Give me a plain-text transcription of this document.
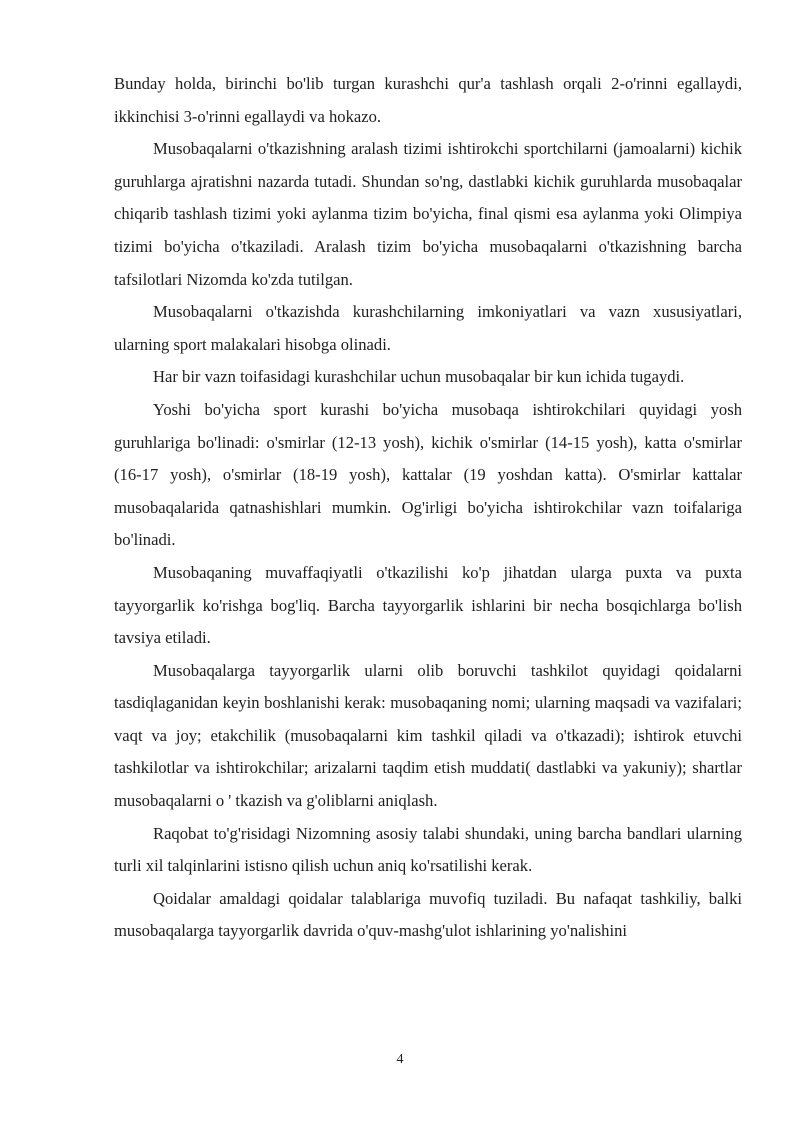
Bunday holda, birinchi bo'lib turgan kurashchi qur'a tashlash orqali 2-o'rinni egallaydi, ikkinchisi 3-o'rinni egallaydi va hokazo.

Musobaqalarni o'tkazishning aralash tizimi ishtirokchi sportchilarni (jamoalarni) kichik guruhlarga ajratishni nazarda tutadi. Shundan so'ng, dastlabki kichik guruhlarda musobaqalar chiqarib tashlash tizimi yoki aylanma tizim bo'yicha, final qismi esa aylanma yoki Olimpiya tizimi bo'yicha o'tkaziladi. Aralash tizim bo'yicha musobaqalarni o'tkazishning barcha tafsilotlari Nizomda ko'zda tutilgan.

Musobaqalarni o'tkazishda kurashchilarning imkoniyatlari va vazn xususiyatlari, ularning sport malakalari hisobga olinadi.

Har bir vazn toifasidagi kurashchilar uchun musobaqalar bir kun ichida tugaydi.

Yoshi bo'yicha sport kurashi bo'yicha musobaqa ishtirokchilari quyidagi yosh guruhlariga bo'linadi: o'smirlar (12-13 yosh), kichik o'smirlar (14-15 yosh), katta o'smirlar (16-17 yosh), o'smirlar (18-19 yosh), kattalar (19 yoshdan katta). O'smirlar kattalar musobaqalarida qatnashishlari mumkin. Og'irligi bo'yicha ishtirokchilar vazn toifalariga bo'linadi.

Musobaqaning muvaffaqiyatli o'tkazilishi ko'p jihatdan ularga puxta va puxta tayyorgarlik ko'rishga bog'liq. Barcha tayyorgarlik ishlarini bir necha bosqichlarga bo'lish tavsiya etiladi.

Musobaqalarga tayyorgarlik ularni olib boruvchi tashkilot quyidagi qoidalarni tasdiqlaganidan keyin boshlanishi kerak: musobaqaning nomi; ularning maqsadi va vazifalari; vaqt va joy; etakchilik (musobaqalarni kim tashkil qiladi va o'tkazadi); ishtirok etuvchi tashkilotlar va ishtirokchilar; arizalarni taqdim etish muddati( dastlabki va yakuniy); shartlar musobaqalarni o ' tkazish va g'oliblarni aniqlash.

Raqobat to'g'risidagi Nizomning asosiy talabi shundaki, uning barcha bandlari ularning turli xil talqinlarini istisno qilish uchun aniq ko'rsatilishi kerak.

Qoidalar amaldagi qoidalar talablariga muvofiq tuziladi. Bu nafaqat tashkiliy, balki musobaqalarga tayyorgarlik davrida o'quv-mashg'ulot ishlarining yo'nalishini

4
